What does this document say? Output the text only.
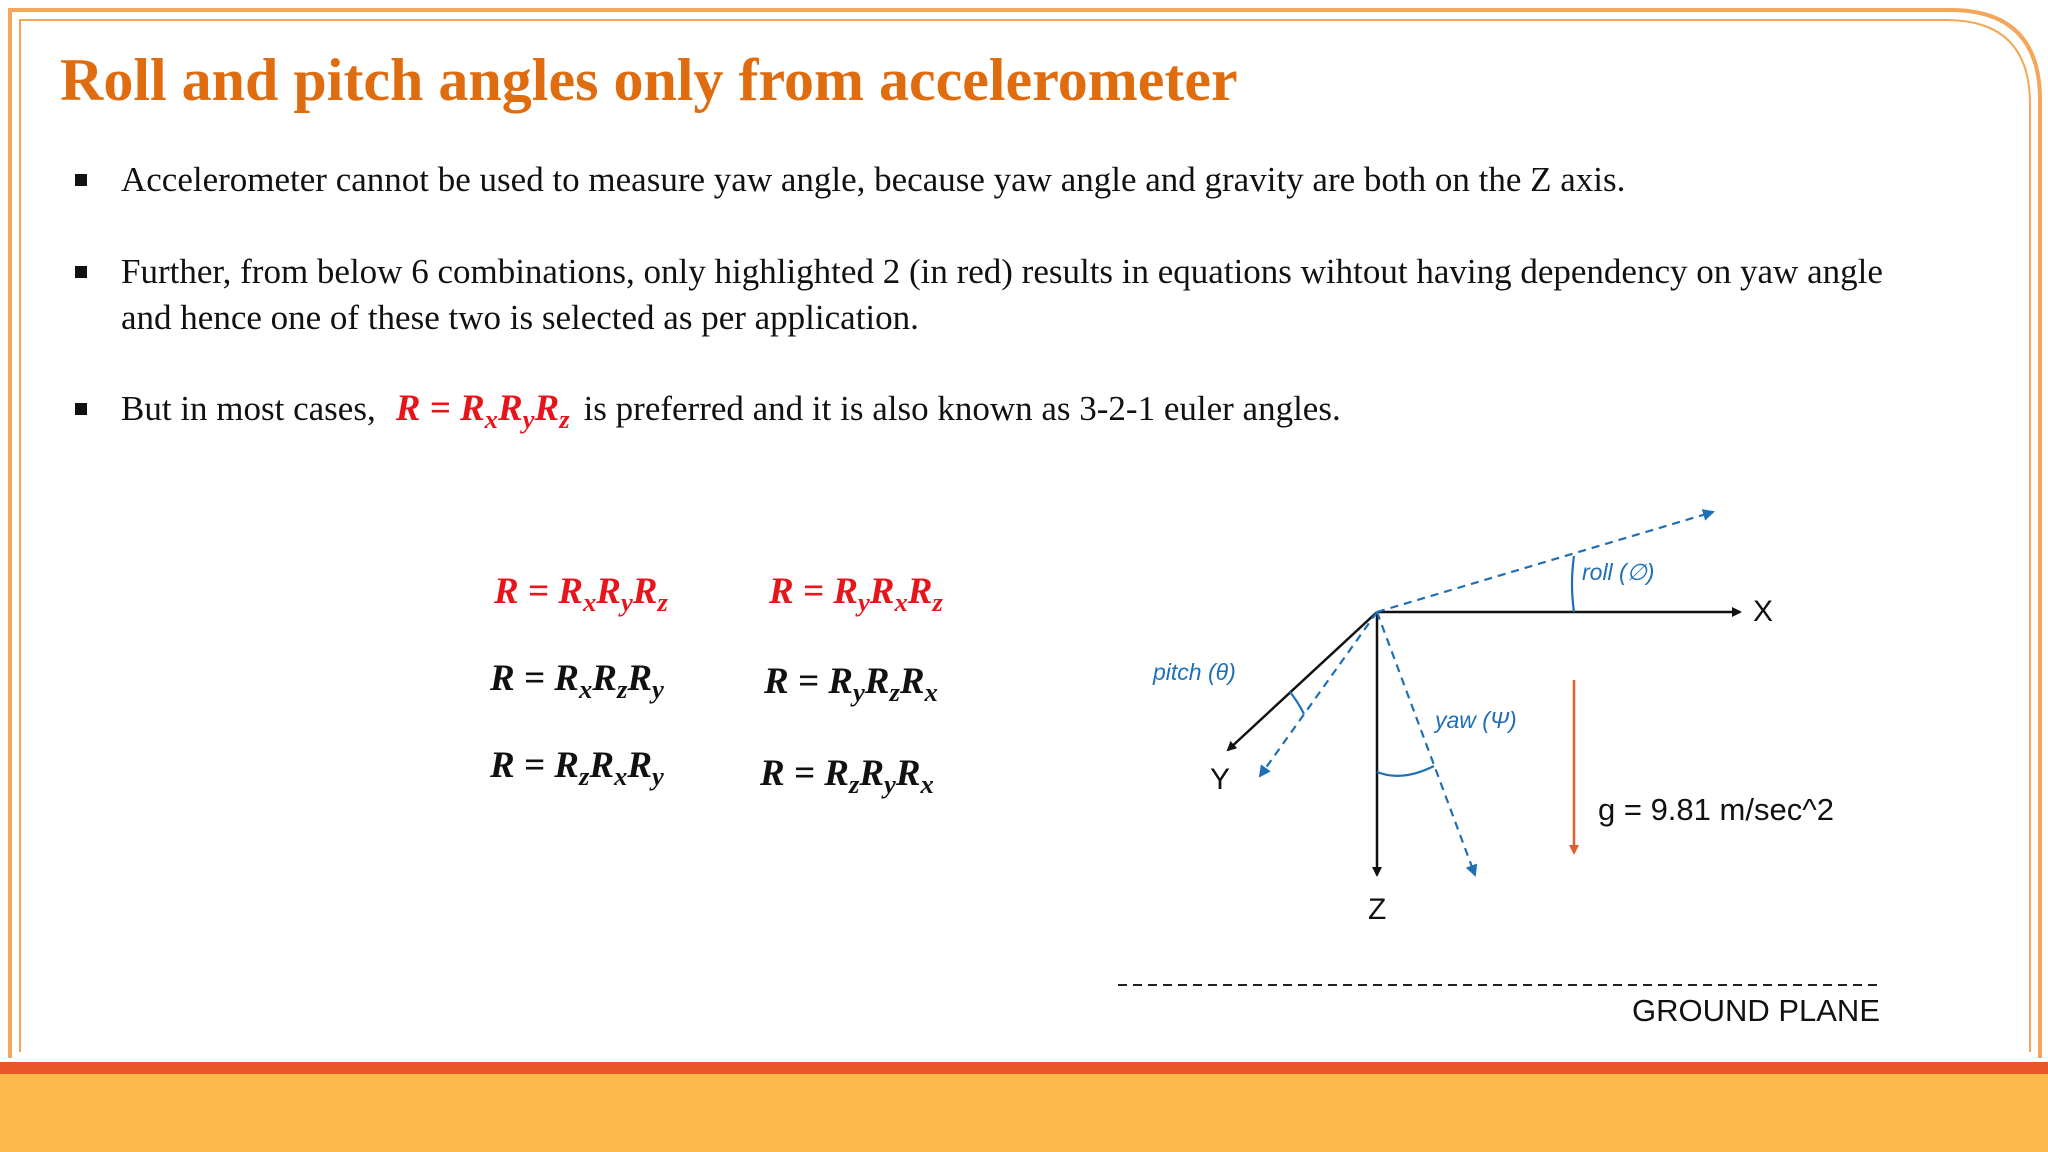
Roll and pitch angles only from accelerometer
Accelerometer cannot be used to measure yaw angle, because yaw angle and gravity are both on the Z axis.
Further, from below 6 combinations, only highlighted 2 (in red) results in equations wihtout having dependency on yaw angle and hence one of these two is selected as per application.
But in most cases, $R = R_xR_yR_z$ is preferred and it is also known as 3-2-1 euler angles.
$R = R_xR_yR_z$	$R = R_yR_xR_z$
$R = R_xR_zR_y$	$R = R_yR_zR_x$
$R = R_zR_xR_y$	$R = R_zR_yR_x$
X
Y
Z
roll (∅)
pitch (θ)
yaw (Ψ)
g = 9.81 m/sec^2
GROUND PLANE
